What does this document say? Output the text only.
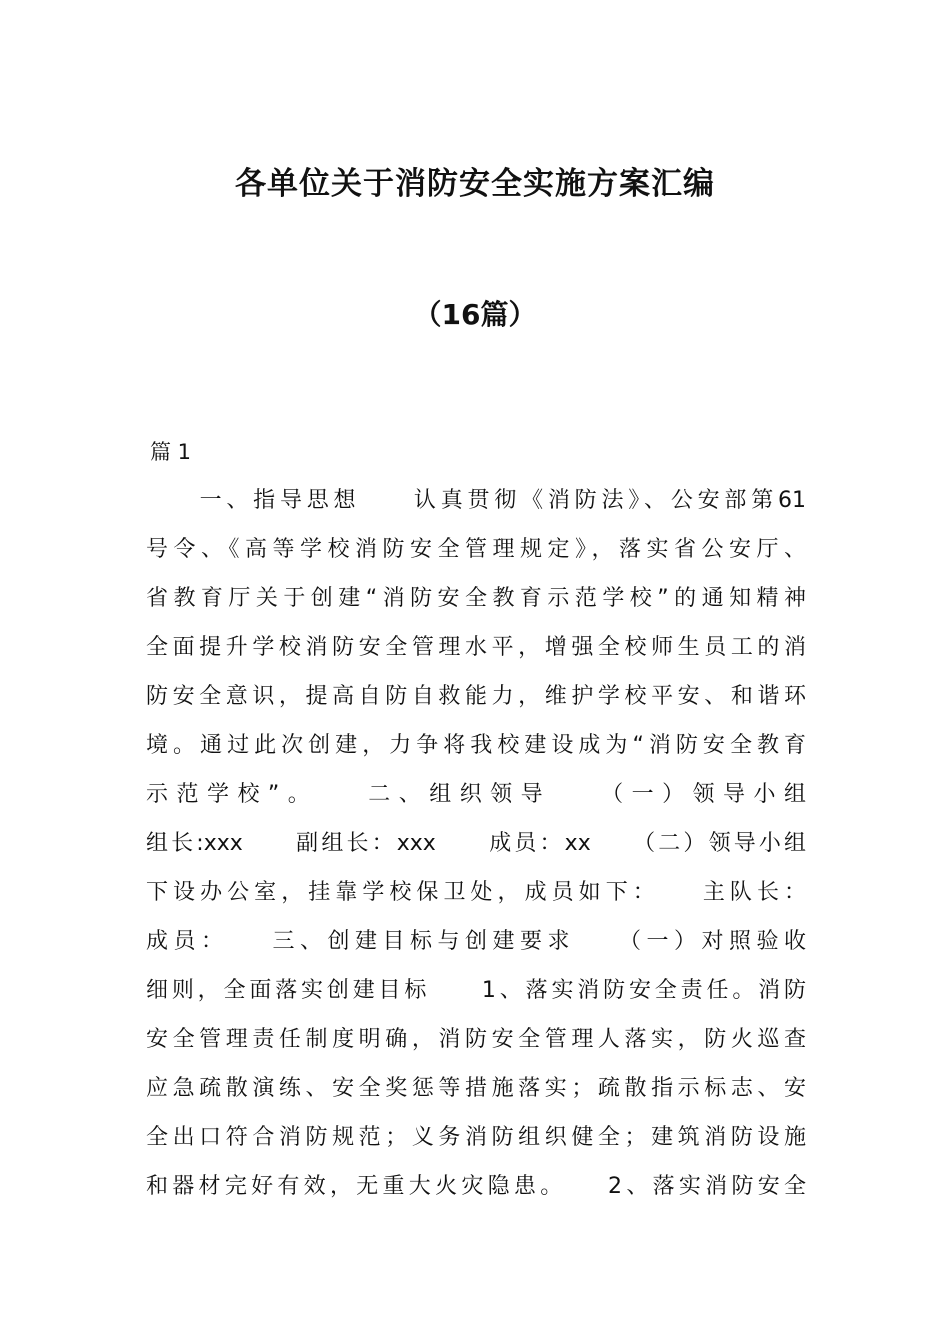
各单位关于消防安全实施方案汇编
（16篇）

篇 1

　　一、指导思想　　认真贯彻《消防法》、公安部第61
号令、《高等学校消防安全管理规定》，落实省公安厅、
省教育厅关于创建“消防安全教育示范学校”的通知精神
全面提升学校消防安全管理水平，增强全校师生员工的消
防安全意识，提高自防自救能力，维护学校平安、和谐环
境。通过此次创建，力争将我校建设成为“消防安全教育
示范学校”。　　二、组织领导　　（一）领导小组
组长:xxx　　副组长：xxx　　成员：xx　　（二）领导小组
下设办公室，挂靠学校保卫处，成员如下：　　主队长：
成员：　　三、创建目标与创建要求　　（一）对照验收
细则，全面落实创建目标　　1、落实消防安全责任。消防
安全管理责任制度明确，消防安全管理人落实，防火巡查
应急疏散演练、安全奖惩等措施落实；疏散指示标志、安
全出口符合消防规范；义务消防组织健全；建筑消防设施
和器材完好有效，无重大火灾隐患。　　2、落实消防安全
